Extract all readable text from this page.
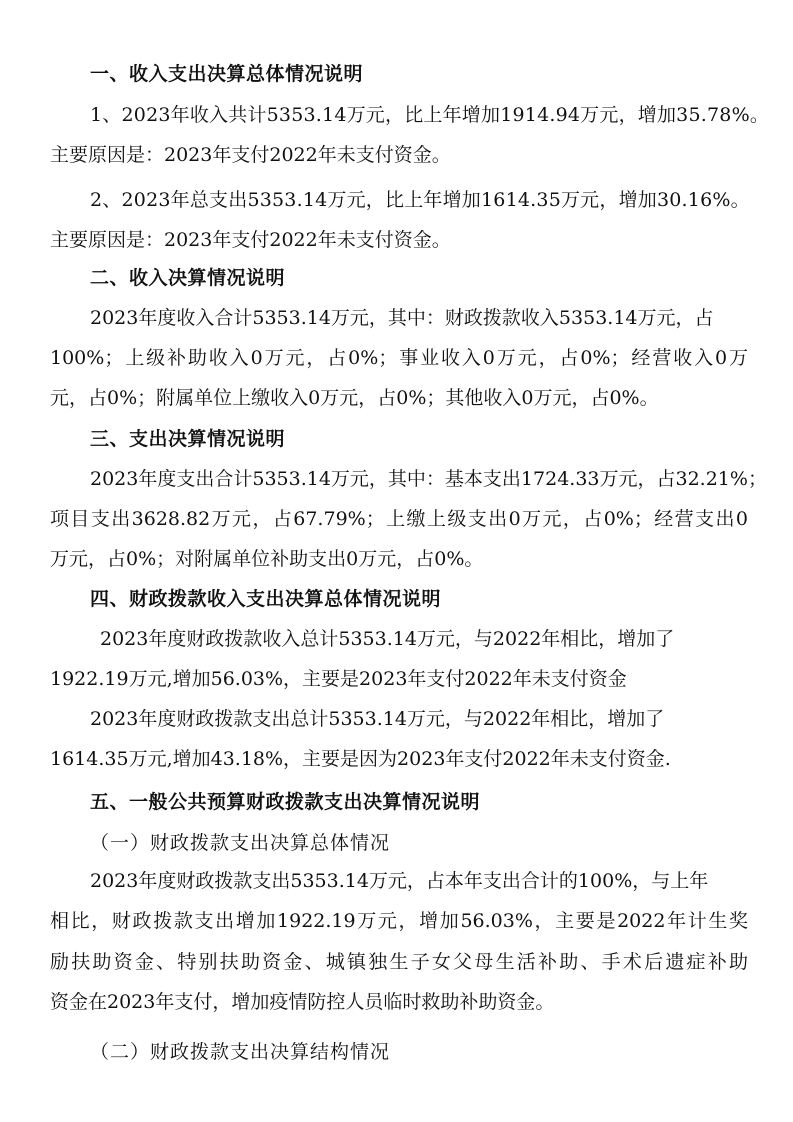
一、收入支出决算总体情况说明
1、2023年收入共计5353.14万元，比上年增加1914.94万元，增加35.78%。
主要原因是：2023年支付2022年未支付资金。
2、2023年总支出5353.14万元，比上年增加1614.35万元，增加30.16%。
主要原因是：2023年支付2022年未支付资金。
二、收入决算情况说明
2023年度收入合计5353.14万元，其中：财政拨款收入5353.14万元，占
100%；上级补助收入0万元，占0%；事业收入0万元，占0%；经营收入0万
元，占0%；附属单位上缴收入0万元，占0%；其他收入0万元，占0%。
三、支出决算情况说明
2023年度支出合计5353.14万元，其中：基本支出1724.33万元，占32.21%；
项目支出3628.82万元，占67.79%；上缴上级支出0万元，占0%；经营支出0
万元，占0%；对附属单位补助支出0万元，占0%。
四、财政拨款收入支出决算总体情况说明
2023年度财政拨款收入总计5353.14万元，与2022年相比，增加了
1922.19万元,增加56.03%，主要是2023年支付2022年未支付资金
2023年度财政拨款支出总计5353.14万元，与2022年相比，增加了
1614.35万元,增加43.18%，主要是因为2023年支付2022年未支付资金.
五、一般公共预算财政拨款支出决算情况说明
（一）财政拨款支出决算总体情况
2023年度财政拨款支出5353.14万元，占本年支出合计的100%，与上年
相比，财政拨款支出增加1922.19万元，增加56.03%，主要是2022年计生奖
励扶助资金、特别扶助资金、城镇独生子女父母生活补助、手术后遗症补助
资金在2023年支付，增加疫情防控人员临时救助补助资金。
（二）财政拨款支出决算结构情况
